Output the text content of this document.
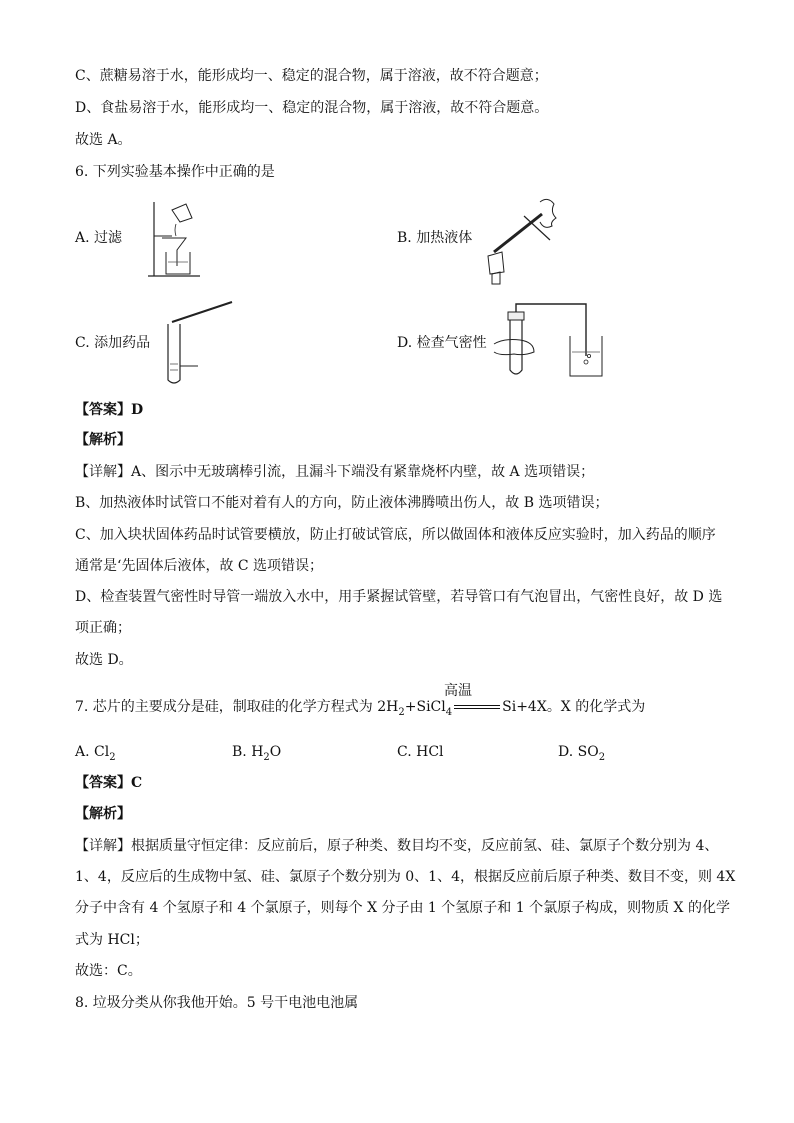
C、蔗糖易溶于水，能形成均一、稳定的混合物，属于溶液，故不符合题意；
D、食盐易溶于水，能形成均一、稳定的混合物，属于溶液，故不符合题意。
故选 A。
6. 下列实验基本操作中正确的是
A. 过滤	B. 加热液体
C. 添加药品	D. 检查气密性
【答案】D
【解析】
【详解】A、图示中无玻璃棒引流，且漏斗下端没有紧靠烧杯内壁，故 A 选项错误；
B、加热液体时试管口不能对着有人的方向，防止液体沸腾喷出伤人，故 B 选项错误；
C、加入块状固体药品时试管要横放，防止打破试管底，所以做固体和液体反应实验时，加入药品的顺序
通常是‘先固体后液体，故 C 选项错误；
D、检查装置气密性时导管一端放入水中，用手紧握试管壁，若导管口有气泡冒出，气密性良好，故 D 选
项正确；
故选 D。
7. 芯片的主要成分是硅，制取硅的化学方程式为 $2H_2+SiCl_4$	Si+4X。X 的化学式为
高温
A. $Cl_2$	B. $H_2O$	C. HCl	D. $SO_2$
【答案】C
【解析】
【详解】根据质量守恒定律：反应前后，原子种类、数目均不变，反应前氢、硅、氯原子个数分别为 4、
1、4，反应后的生成物中氢、硅、氯原子个数分别为 0、1、4，根据反应前后原子种类、数目不变，则 4X
分子中含有 4 个氢原子和 4 个氯原子，则每个 X 分子由 1 个氢原子和 1 个氯原子构成，则物质 X 的化学
式为 HCl；
故选：C。
8. 垃圾分类从你我他开始。5 号干电池电池属
